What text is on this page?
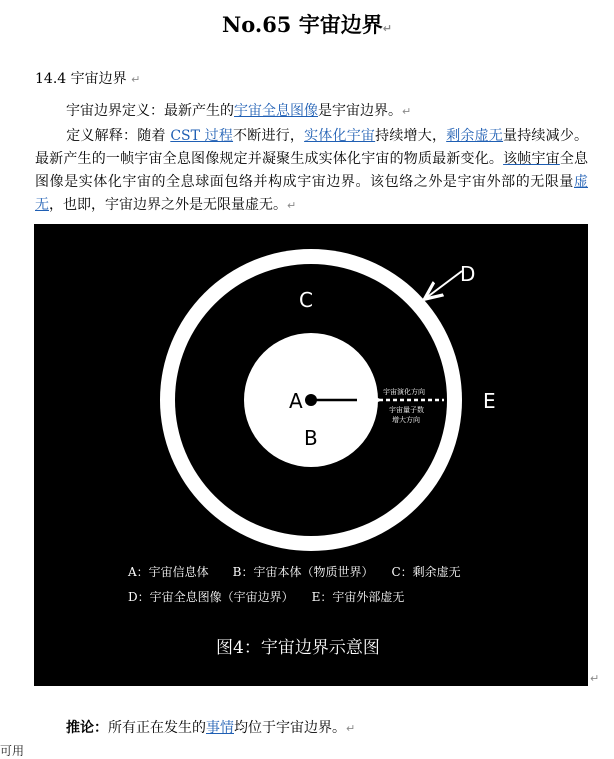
No.65 宇宙边界↵
14.4 宇宙边界 ↵
宇宙边界定义：最新产生的宇宙全息图像是宇宙边界。↵
定义解释：随着 CST 过程不断进行，实体化宇宙持续增大，剩余虚无量持续减少。最新产生的一帧宇宙全息图像规定并凝聚生成实体化宇宙的物质最新变化。该帧宇宙全息图像是实体化宇宙的全息球面包络并构成宇宙边界。该包络之外是宇宙外部的无限量虚无，也即，宇宙边界之外是无限量虚无。↵
A
B
C
D
E
宇宙演化方向
宇宙量子数
增大方向
A：宇宙信息体　　B：宇宙本体（物质世界）　　C：剩余虚无
D：宇宙全息图像（宇宙边界）　　E：宇宙外部虚无
图4：宇宙边界示意图
↵
推论：所有正在发生的事情均位于宇宙边界。↵
可用
